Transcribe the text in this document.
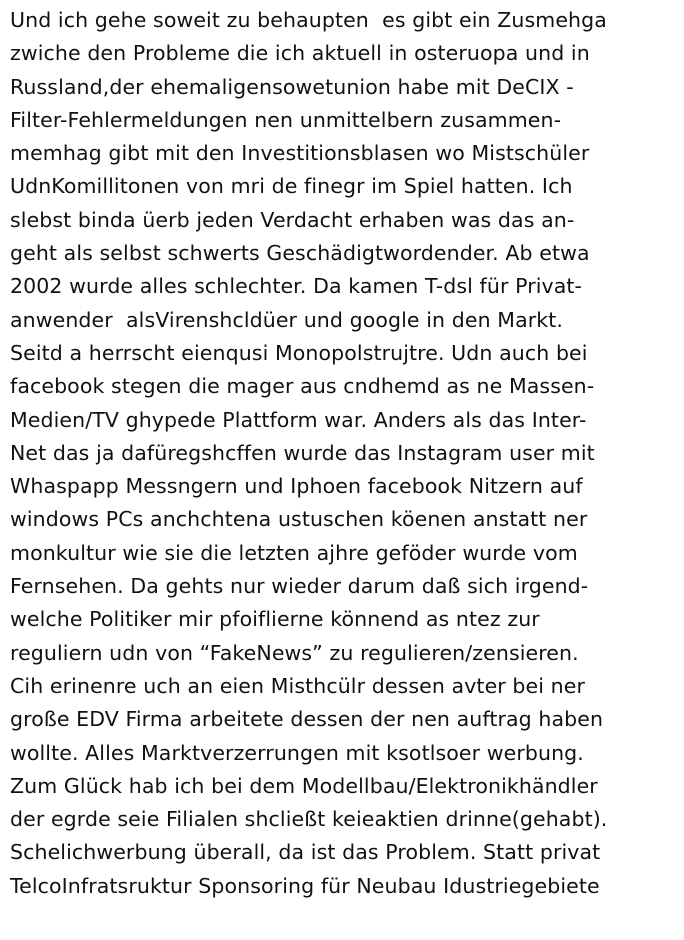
Und ich gehe soweit zu behaupten  es gibt ein Zusmehga
zwiche den Probleme die ich aktuell in osteruopa und in
Russland,der ehemaligensowetunion habe mit DeCIX -
Filter-Fehlermeldungen nen unmittelbern zusammen-
memhag gibt mit den Investitionsblasen wo Mistschüler
UdnKomillitonen von mri de finegr im Spiel hatten. Ich
slebst binda üerb jeden Verdacht erhaben was das an-
geht als selbst schwerts Geschädigtwordender. Ab etwa
2002 wurde alles schlechter. Da kamen T-dsl für Privat-
anwender  alsVirenshcldüer und google in den Markt.
Seitd a herrscht eienqusi Monopolstrujtre. Udn auch bei
facebook stegen die mager aus cndhemd as ne Massen-
Medien/TV ghypede Plattform war. Anders als das Inter-
Net das ja dafüregshcffen wurde das Instagram user mit
Whaspapp Messngern und Iphoen facebook Nitzern auf
windows PCs anchchtena ustuschen köenen anstatt ner
monkultur wie sie die letzten ajhre geföder wurde vom
Fernsehen. Da gehts nur wieder darum daß sich irgend-
welche Politiker mir pfoiflierne könnend as ntez zur
reguliern udn von “FakeNews” zu regulieren/zensieren.
Cih erinenre uch an eien Misthcülr dessen avter bei ner
große EDV Firma arbeitete dessen der nen auftrag haben
wollte. Alles Marktverzerrungen mit ksotlsoer werbung.
Zum Glück hab ich bei dem Modellbau/Elektronikhändler
der egrde seie Filialen shcließt keieaktien drinne(gehabt).
Schelichwerbung überall, da ist das Problem. Statt privat
TelcoInfratsruktur Sponsoring für Neubau Idustriegebiete
